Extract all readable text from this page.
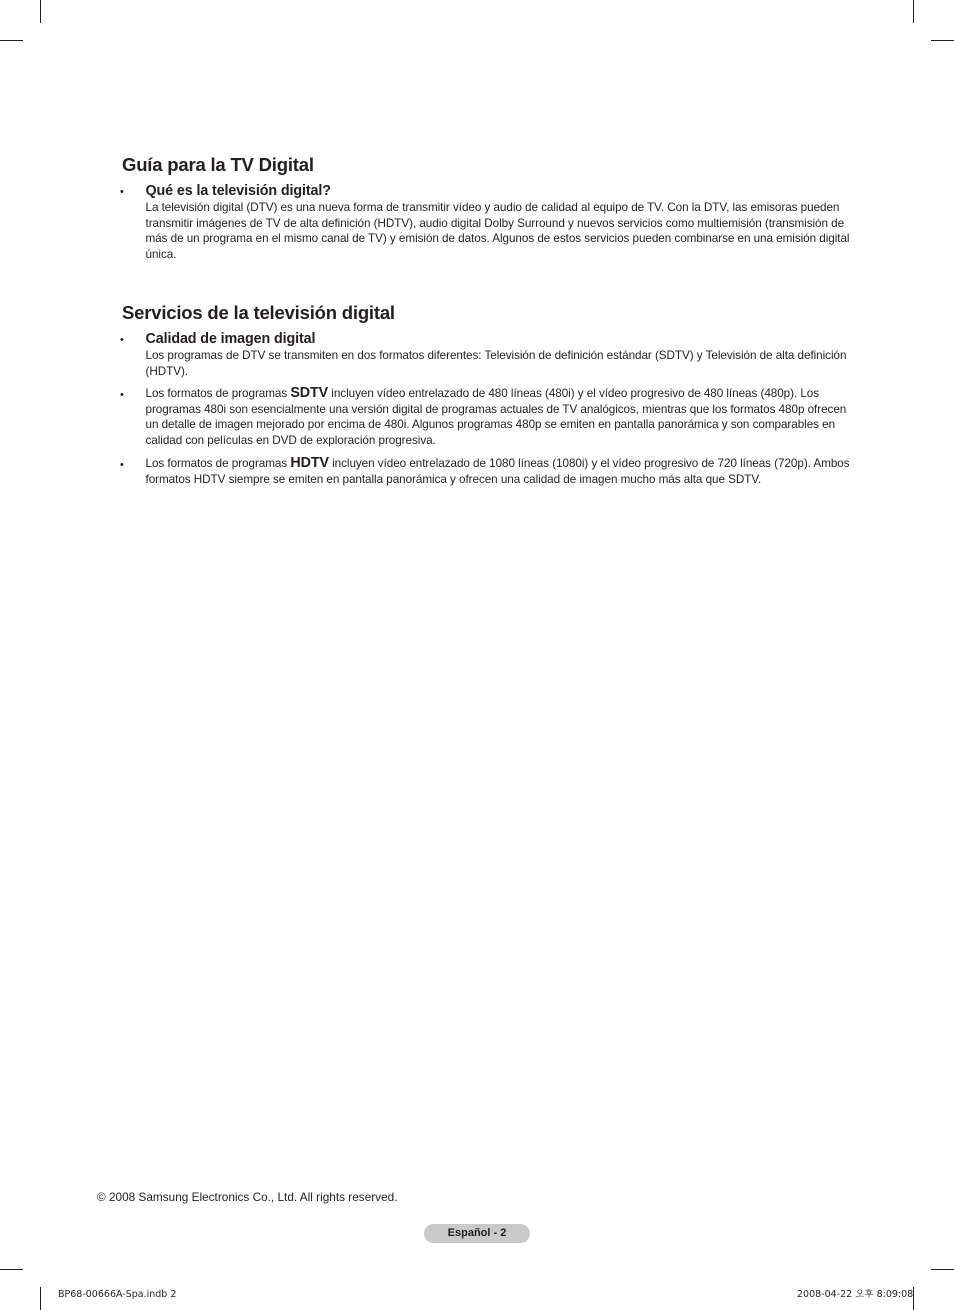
Guía para la TV Digital
•	Qué es la televisión digital?
La televisión digital (DTV) es una nueva forma de transmitir vídeo y audio de calidad al equipo de TV. Con la DTV, las emisoras pueden transmitir imágenes de TV de alta definición (HDTV), audio digital Dolby Surround y nuevos servicios como multiemisión (transmisión de más de un programa en el mismo canal de TV) y emisión de datos. Algunos de estos servicios pueden combinarse en una emisión digital única.
Servicios de la televisión digital
•	Calidad de imagen digital
Los programas de DTV se transmiten en dos formatos diferentes: Televisión de definición estándar (SDTV) y Televisión de alta definición (HDTV).
•	Los formatos de programas SDTV incluyen vídeo entrelazado de 480 líneas (480i) y el vídeo progresivo de 480 líneas (480p). Los programas 480i son esencialmente una versión digital de programas actuales de TV analógicos, mientras que los formatos 480p ofrecen un detalle de imagen mejorado por encima de 480i. Algunos programas 480p se emiten en pantalla panorámica y son comparables en calidad con películas en DVD de exploración progresiva.
•	Los formatos de programas HDTV incluyen vídeo entrelazado de 1080 líneas (1080i) y el vídeo progresivo de 720 líneas (720p). Ambos formatos HDTV siempre se emiten en pantalla panorámica y ofrecen una calidad de imagen mucho más alta que SDTV.
© 2008 Samsung Electronics Co., Ltd. All rights reserved.
Español - 2
BP68-00666A-Spa.indb 2	2008-04-22 오후 8:09:08
